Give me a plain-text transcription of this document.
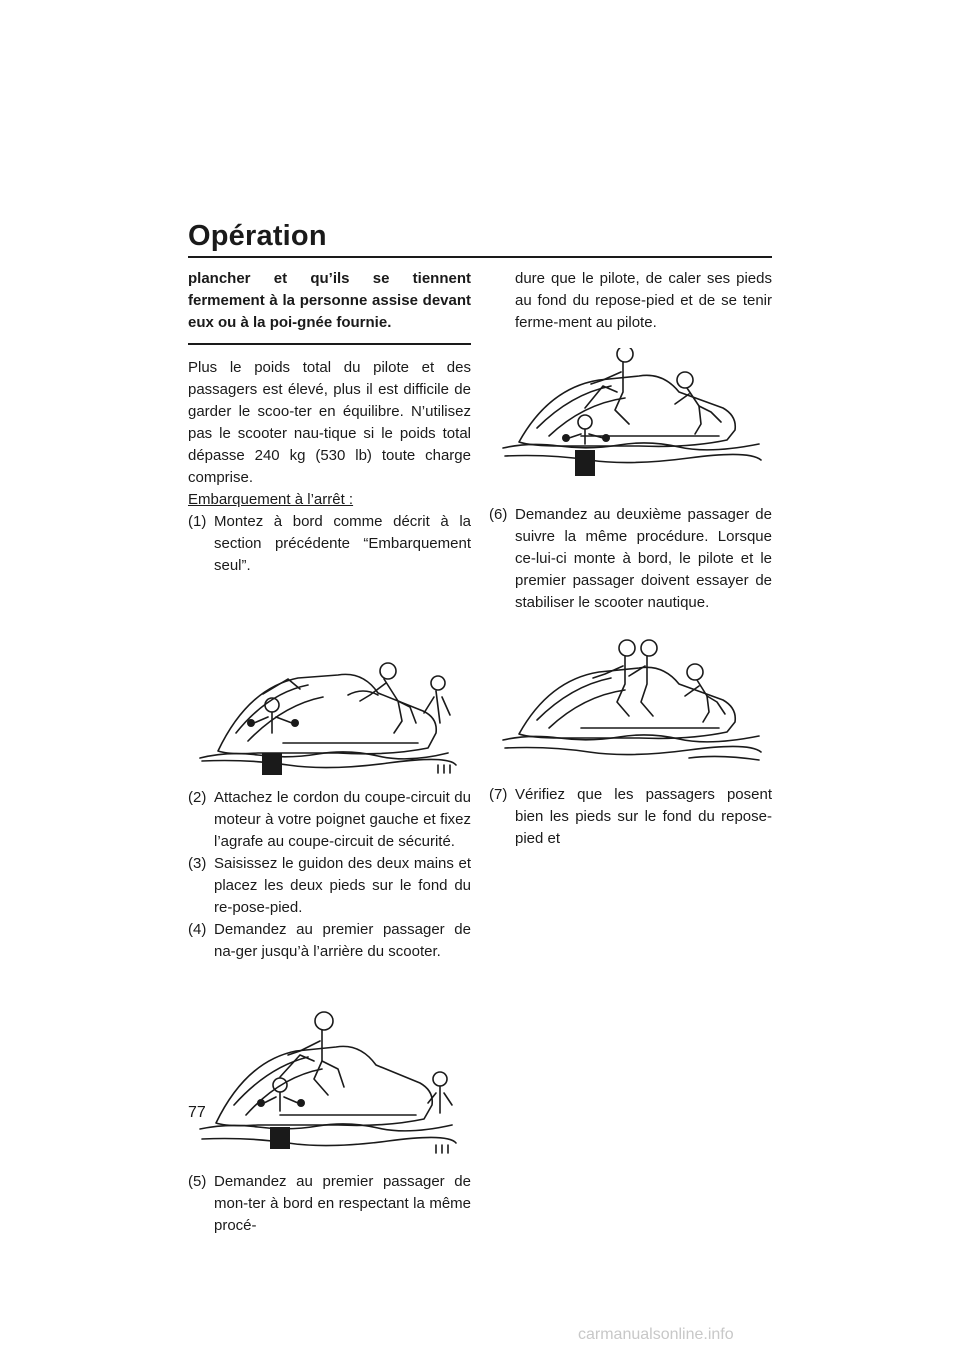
Opération

plancher et qu’ils se tiennent fermement à la personne assise devant eux ou à la poi-gnée fournie.

Plus le poids total du pilote et des passagers est élevé, plus il est difficile de garder le scoo-ter en équilibre. N’utilisez pas le scooter nau-tique si le poids total dépasse 240 kg (530 lb) toute charge comprise.

Embarquement à l’arrêt :

(1) Montez à bord comme décrit à la section précédente “Embarquement seul”.
(2) Attachez le cordon du coupe-circuit du moteur à votre poignet gauche et fixez l’agrafe au coupe-circuit de sécurité.
(3) Saisissez le guidon des deux mains et placez les deux pieds sur le fond du re-pose-pied.
(4) Demandez au premier passager de na-ger jusqu’à l’arrière du scooter.
(5) Demandez au premier passager de mon-ter à bord en respectant la même procé-

dure que le pilote, de caler ses pieds au fond du repose-pied et de se tenir ferme-ment au pilote.

(6) Demandez au deuxième passager de suivre la même procédure. Lorsque ce-lui-ci monte à bord, le pilote et le premier passager doivent essayer de stabiliser le scooter nautique.
(7) Vérifiez que les passagers posent bien les pieds sur le fond du repose-pied et
77
carmanualsonline.info
